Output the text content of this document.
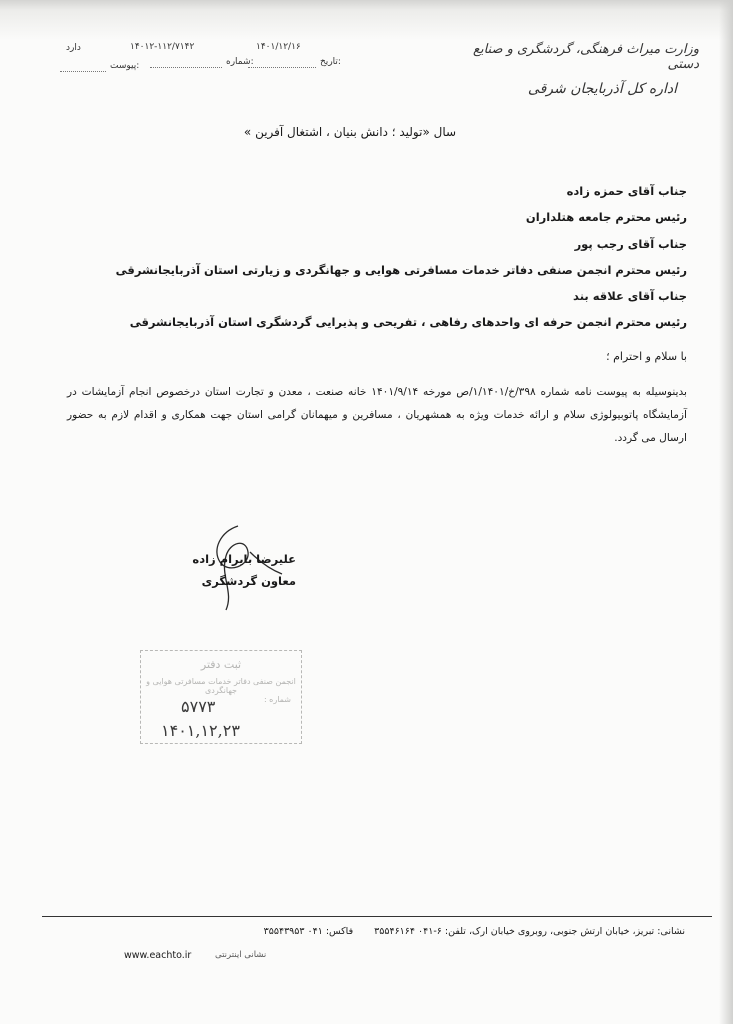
وزارت میراث فرهنگی، گردشگری و صنایع دستی
اداره کل آذربایجان شرقی
۱۴۰۱/۱۲/۱۶
۱۴۰۱۲-۱۱۲/۷۱۴۲
دارد
تاریخ:
شماره:
پیوست:
سال «تولید ؛ دانش بنیان ، اشتغال آفرین »
جناب آقای حمزه زاده
رئیس محترم جامعه هتلداران
جناب آقای رجب پور
رئیس محترم انجمن صنفی دفاتر خدمات مسافرتی هوایی و جهانگردی و زیارتی استان آذربایجانشرقی
جناب آقای علاقه بند
رئیس محترم انجمن حرفه ای واحدهای رفاهی ، تفریحی و پذیرایی گردشگری استان آذربایجانشرقی
با سلام و احترام ؛
بدینوسیله به پیوست نامه شماره ۳۹۸/خ/۱/۱۴۰۱/ص مورخه ۱۴۰۱/۹/۱۴ خانه صنعت ، معدن و تجارت استان درخصوص انجام آزمایشات در آزمایشگاه پاتوبیولوژی سلام و ارائه خدمات ویژه به همشهریان ، مسافرین و میهمانان گرامی استان جهت همکاری و اقدام لازم به حضور ارسال می گردد.
علیرضا بایرام زاده
معاون گردشگری
ثبت دفتر
انجمن صنفی دفاتر خدمات مسافرتی هوایی و جهانگردی
شماره :
۵۷۷۳
۱۴۰۱,۱۲,۲۳
نشانی: تبریز، خیابان ارتش جنوبی، روبروی خیابان ارک، تلفن: ۶-۰۴۱ ۳۵۵۴۶۱۶۴ فاکس: ۰۴۱ ۳۵۵۴۳۹۵۳
نشانی اینترنتی
www.eachto.ir
